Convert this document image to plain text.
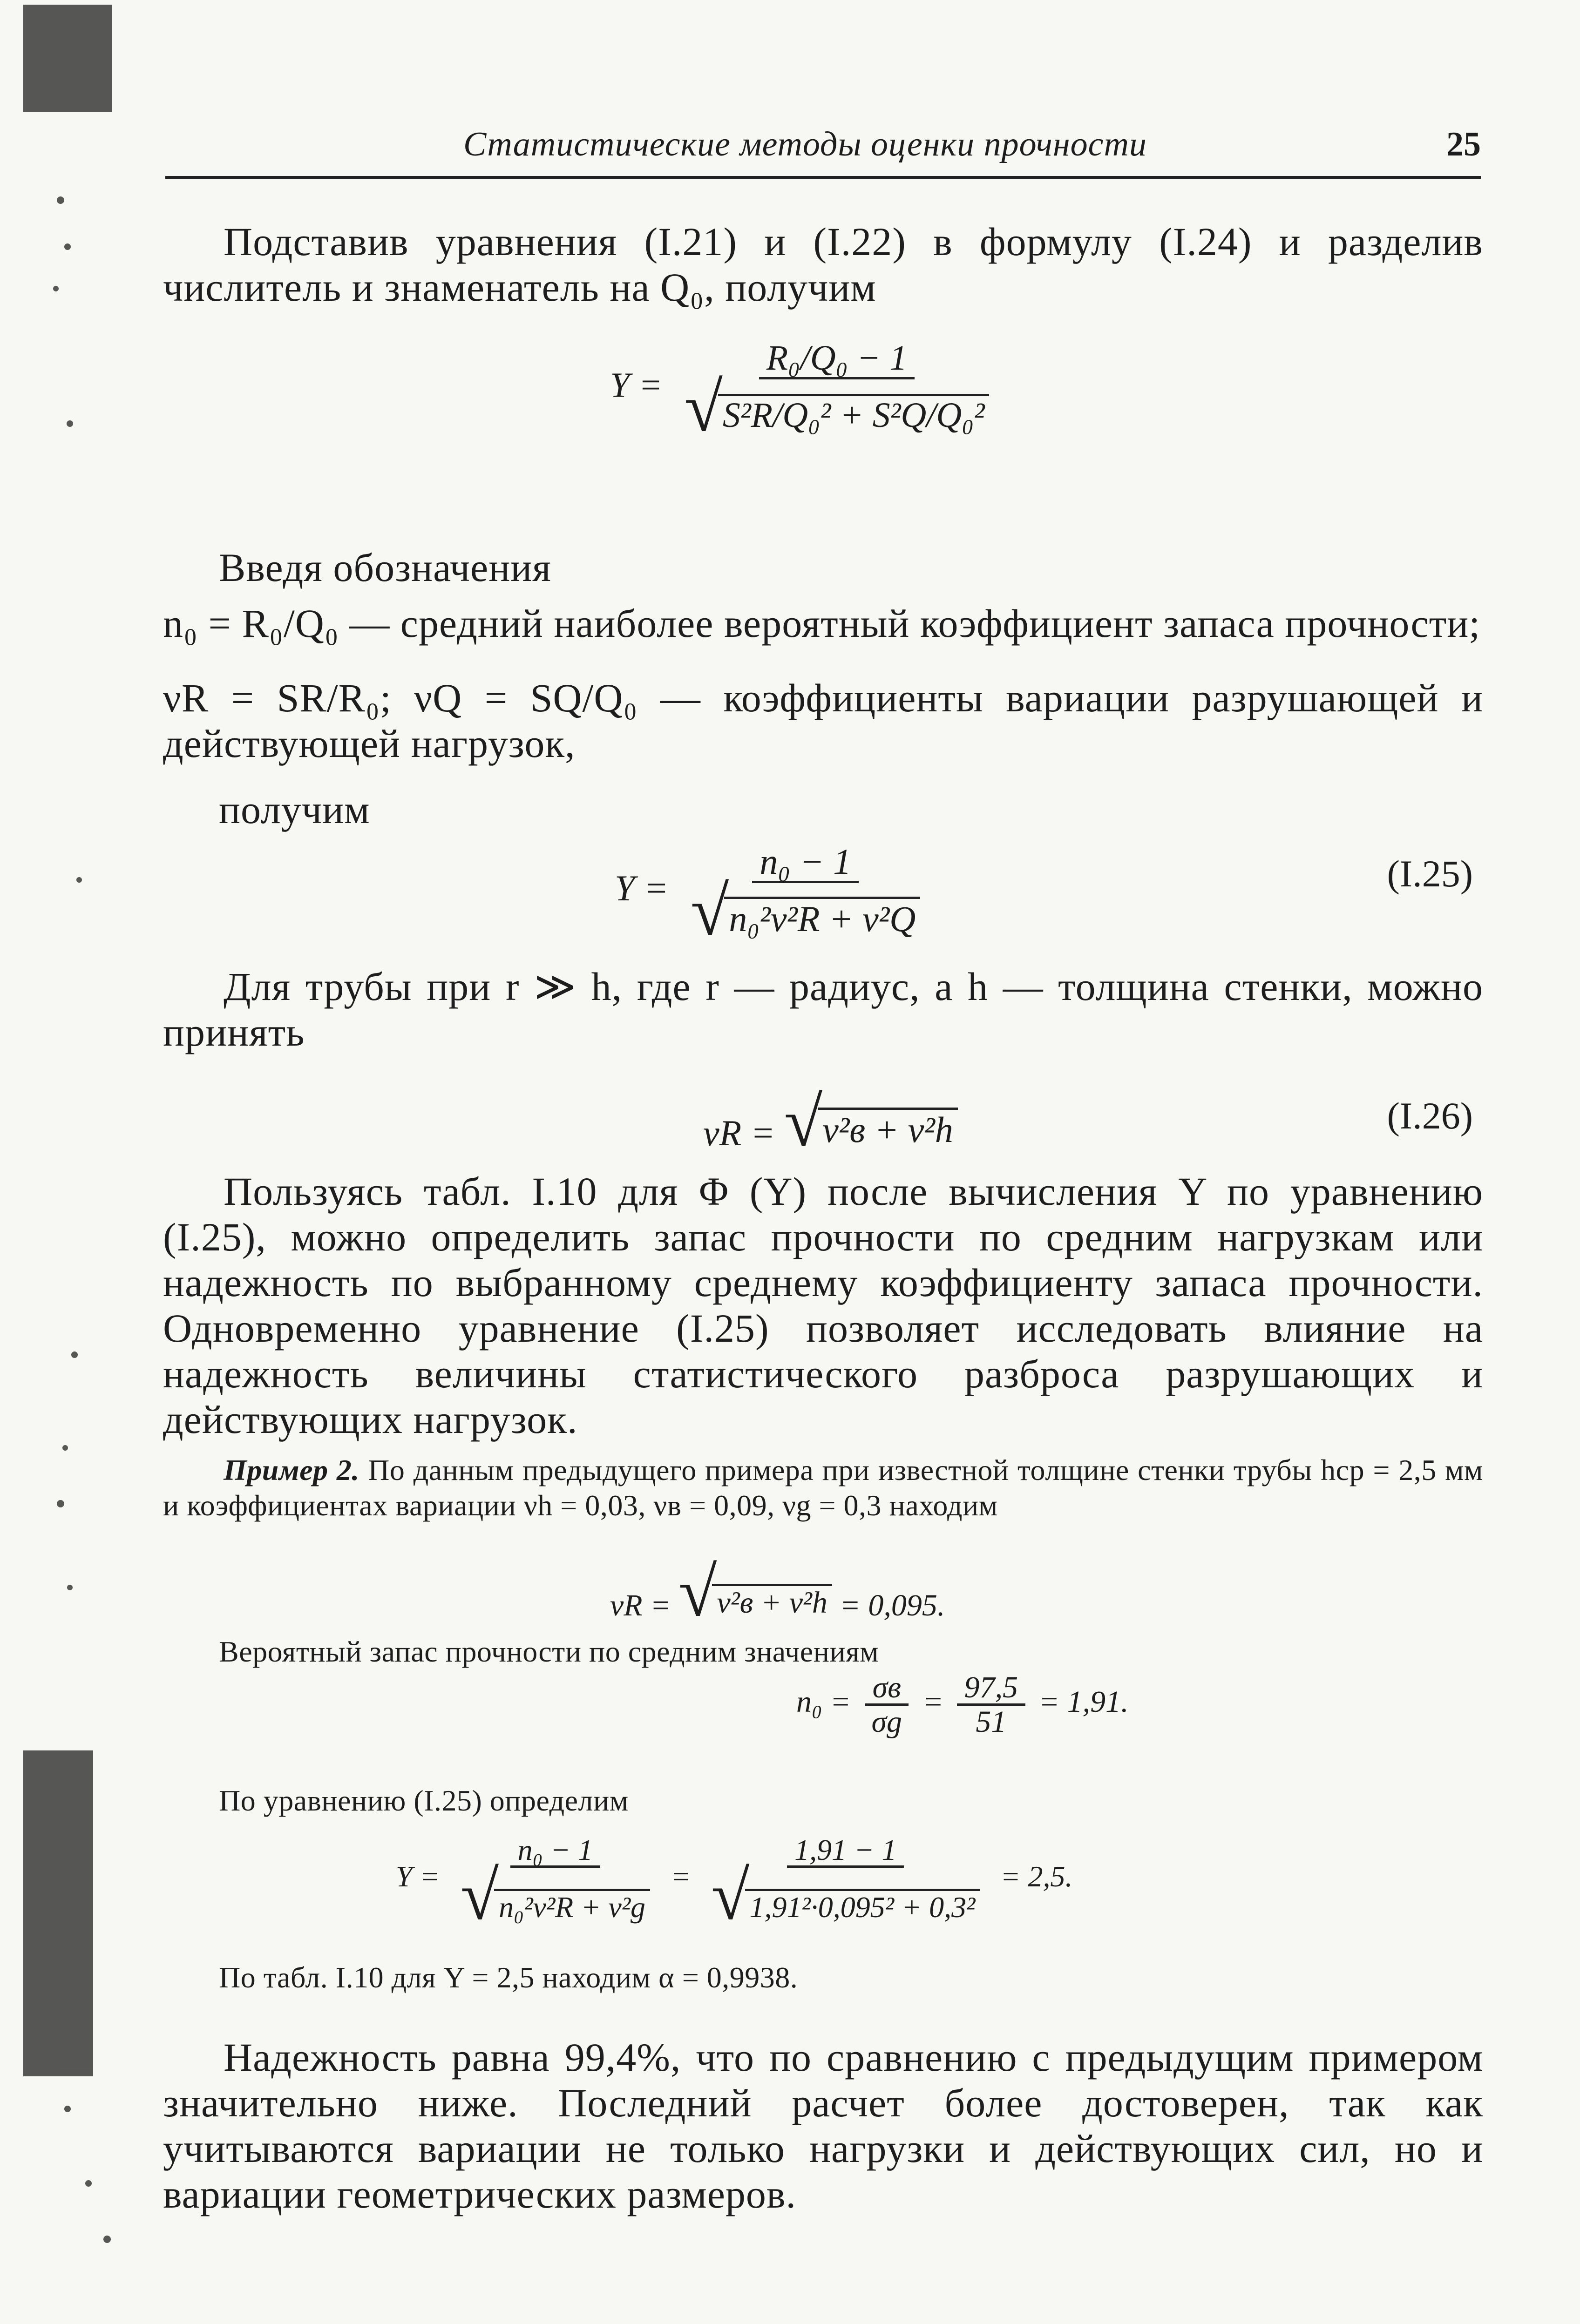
Статистические методы оценки прочности	25
Подставив уравнения (I.21) и (I.22) в формулу (I.24) и разделив числитель и знаменатель на Q₀, получим
$Y = \frac{\text{R₀/Q₀ − 1}}{\text{√ S²R/Q₀² + S²Q/Q₀²}}$
Введя обозначения
n₀ = R₀/Q₀ — средний наиболее вероятный коэффициент запаса прочности;
νR = SR/R₀; νQ = SQ/Q₀ — коэффициенты вариации разрушающей и действующей нагрузок,
получим
$Y = \frac{\text{n₀ − 1}}{\text{√ n₀²ν²R + ν²Q}}$	(I.25)
Для трубы при r ≫ h, где r — радиус, а h — толщина стенки, можно принять
νR = √ ν²в + ν²h	(I.26)
Пользуясь табл. I.10 для Φ (Y) после вычисления Y по уравнению (I.25), можно определить запас прочности по средним нагрузкам или надежность по выбранному среднему коэффициенту запаса прочности. Одновременно уравнение (I.25) позволяет исследовать влияние на надежность величины статистического разброса разрушающих и действующих нагрузок.
Пример 2. По данным предыдущего примера при известной толщине стенки трубы hcp = 2,5 мм и коэффициентах вариации νh = 0,03, νв = 0,09, νg = 0,3 находим
νR = √ ν²в + ν²h = 0,095.
Вероятный запас прочности по средним значениям
$n_0 = \frac{\sigma в}{\sigma g} = \frac{97,5}{51} = 1,91$.
По уравнению (I.25) определим
$Y = \frac{\text{n₀ − 1}}{\text{√ n₀²ν²R + ν²g}} = \frac{1,91 - 1}{\text{√ 1,91²·0,095² + 0,3²}} = 2,5$.
По табл. I.10 для Y = 2,5 находим α = 0,9938.
Надежность равна 99,4%, что по сравнению с предыдущим примером значительно ниже. Последний расчет более достоверен, так как учитываются вариации не только нагрузки и действующих сил, но и вариации геометрических размеров.
